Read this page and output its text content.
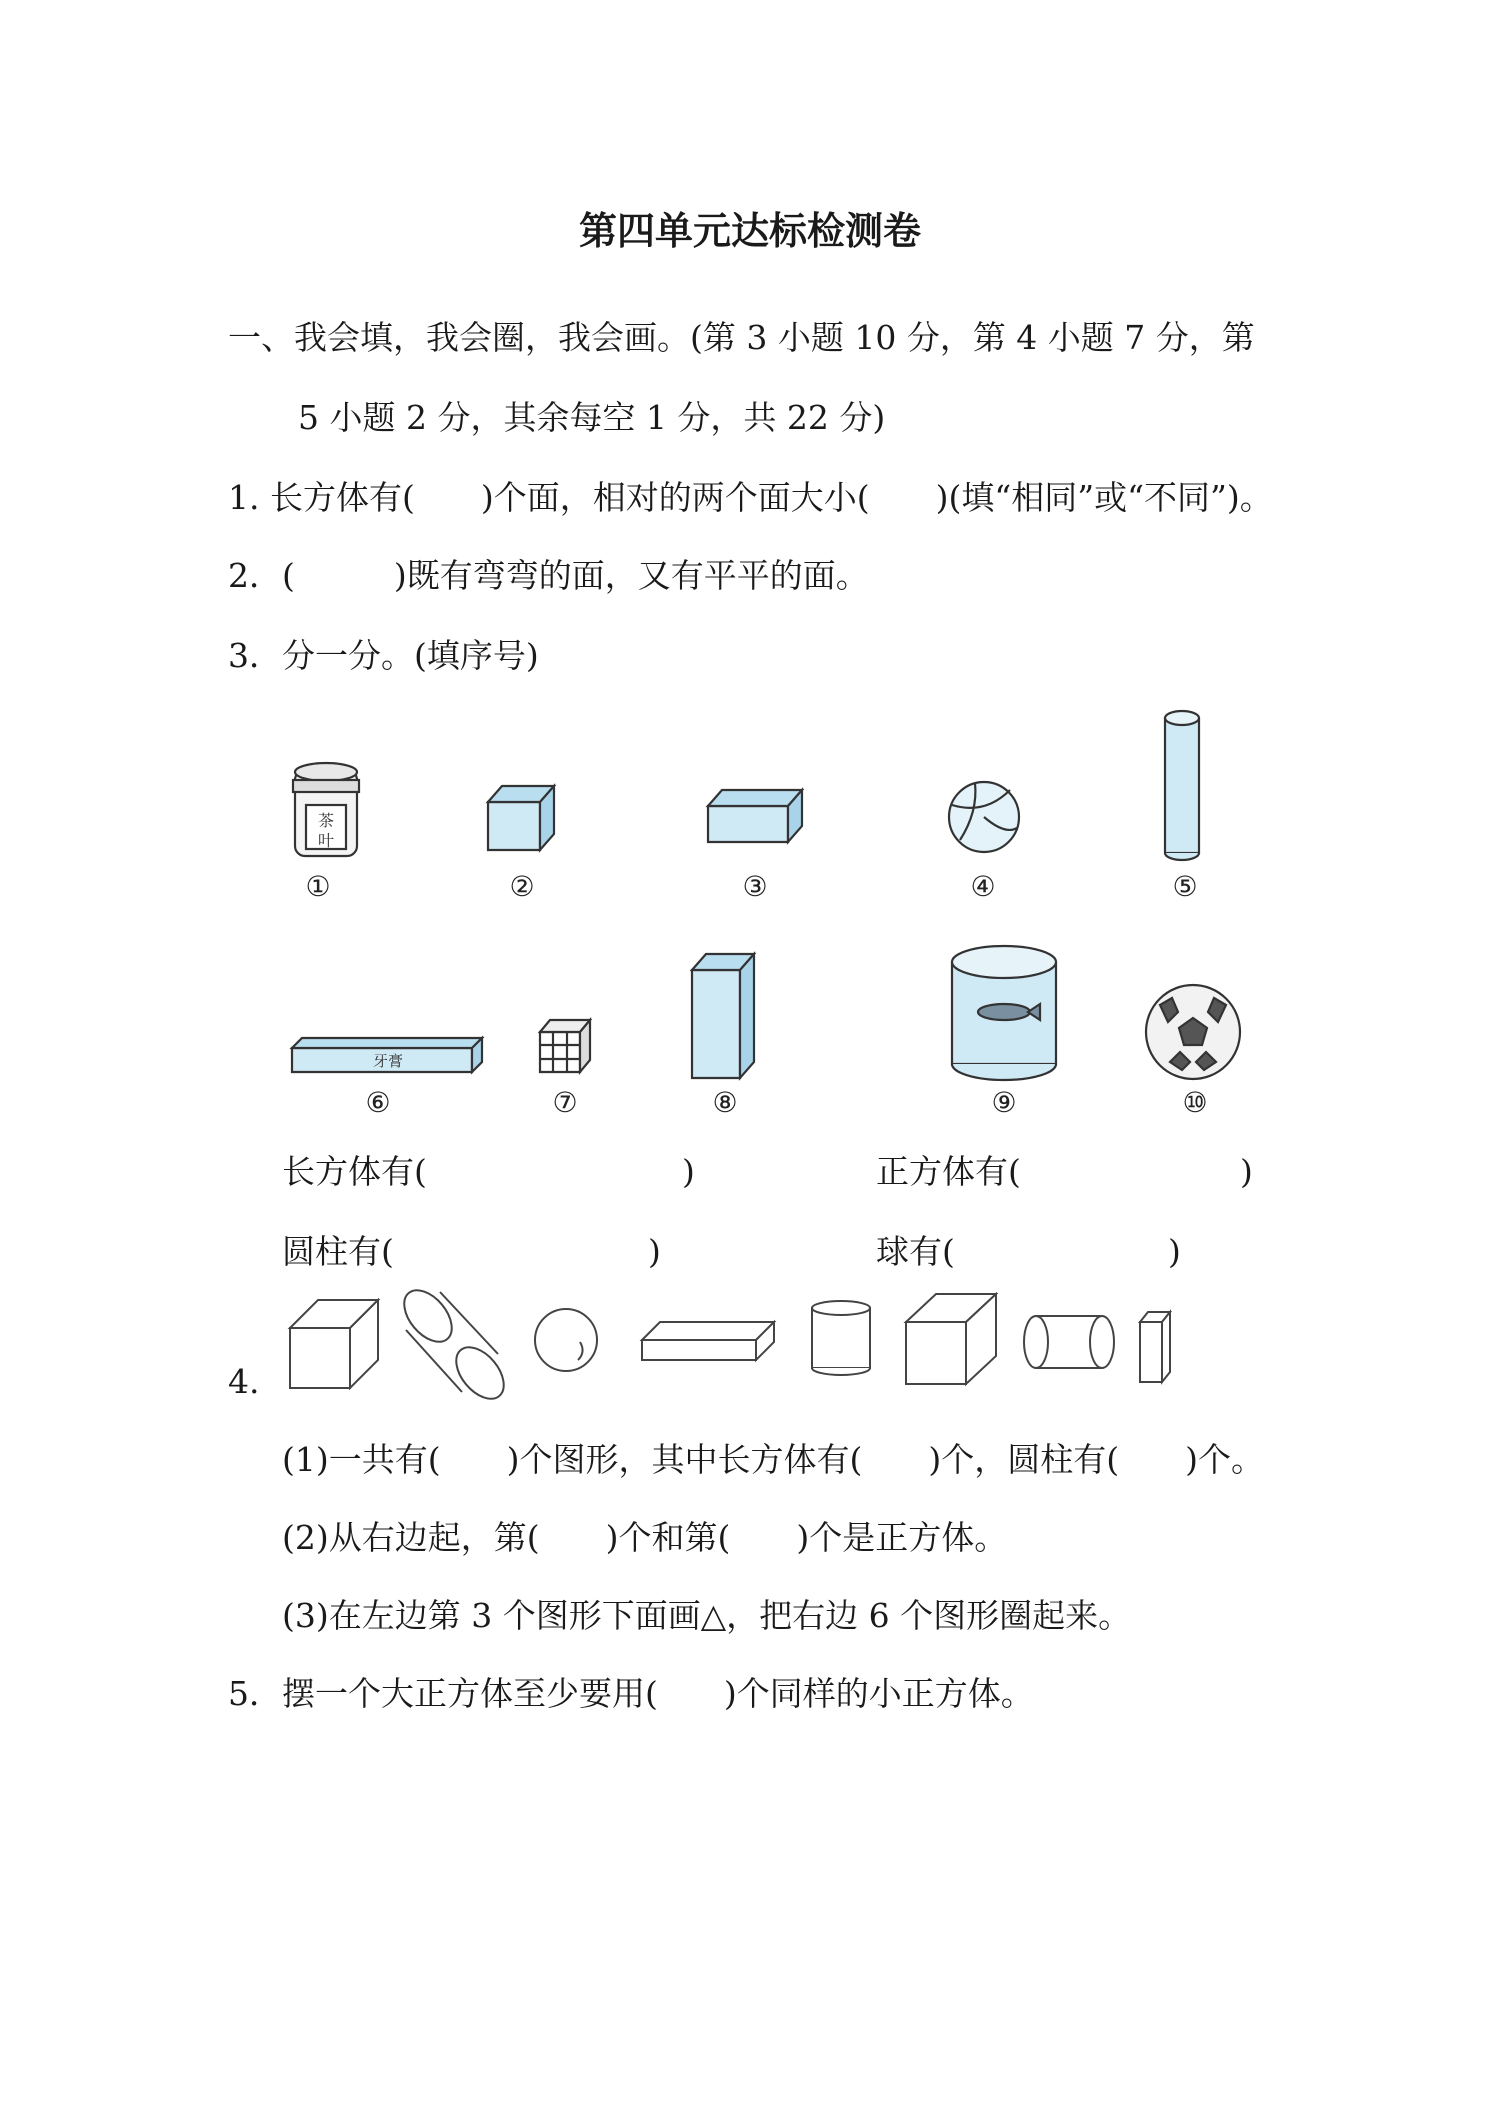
第四单元达标检测卷
一、我会填，我会圈，我会画。(第 3 小题 10 分，第 4 小题 7 分，第
5 小题 2 分，其余每空 1 分，共 22 分)
1. 长方体有(　　)个面，相对的两个面大小(　　)(填“相同”或“不同”)。
2．(　　　)既有弯弯的面，又有平平的面。
3．分一分。(填序号)
茶
叶
牙膏
①	②	③	④	⑤
⑥	⑦	⑧	⑨	⑩
长方体有(	)	正方体有(	)
圆柱有(	)	球有(	)
4.
(1)一共有(　　)个图形，其中长方体有(　　)个，圆柱有(　　)个。
(2)从右边起，第(　　)个和第(　　)个是正方体。
(3)在左边第 3 个图形下面画△，把右边 6 个图形圈起来。
5．摆一个大正方体至少要用(　　)个同样的小正方体。
